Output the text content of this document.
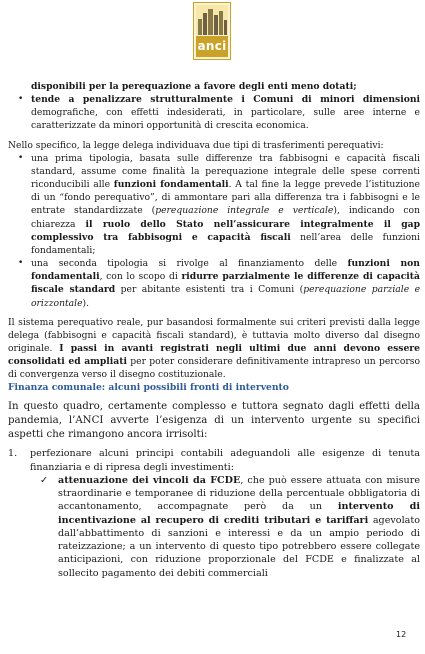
anci
disponibili per la perequazione a favore degli enti meno dotati;
• tende a penalizzare strutturalmente i Comuni di minori dimensioni demografiche, con effetti indesiderati, in particolare, sulle aree interne e caratterizzate da minori opportunità di crescita economica.

Nello specifico, la legge delega individuava due tipi di trasferimenti perequativi:

• una prima tipologia, basata sulle differenze tra fabbisogni e capacità fiscali standard, assume come finalità la perequazione integrale delle spese correnti riconducibili alle funzioni fondamentali. A tal fine la legge prevede l’istituzione di un “fondo perequativo”, di ammontare pari alla differenza tra i fabbisogni e le entrate standardizzate (perequazione integrale e verticale), indicando con chiarezza il ruolo dello Stato nell’assicurare integralmente il gap complessivo tra fabbisogni e capacità fiscali nell’area delle funzioni fondamentali;
• una seconda tipologia si rivolge al finanziamento delle funzioni non fondamentali, con lo scopo di ridurre parzialmente le differenze di capacità fiscale standard per abitante esistenti tra i Comuni (perequazione parziale e orizzontale).

Il sistema perequativo reale, pur basandosi formalmente sui criteri previsti dalla legge delega (fabbisogni e capacità fiscali standard), è tuttavia molto diverso dal disegno originale. I passi in avanti registrati negli ultimi due anni devono essere consolidati ed ampliati per poter considerare definitivamente intrapreso un percorso di convergenza verso il disegno costituzionale.

Finanza comunale: alcuni possibili fronti di intervento

In questo quadro, certamente complesso e tuttora segnato dagli effetti della pandemia, l’ANCI avverte l’esigenza di un intervento urgente su specifici aspetti che rimangono ancora irrisolti:

1. perfezionare alcuni principi contabili adeguandoli alle esigenze di tenuta finanziaria e di ripresa degli investimenti:
✓ attenuazione dei vincoli da FCDE, che può essere attuata con misure straordinarie e temporanee di riduzione della percentuale obbligatoria di accantonamento, accompagnate però da un intervento di incentivazione al recupero di crediti tributari e tariffari agevolato dall’abbattimento di sanzioni e interessi e da un ampio periodo di rateizzazione; a un intervento di questo tipo potrebbero essere collegate anticipazioni, con riduzione proporzionale del FCDE e finalizzate al sollecito pagamento dei debiti commerciali
12
